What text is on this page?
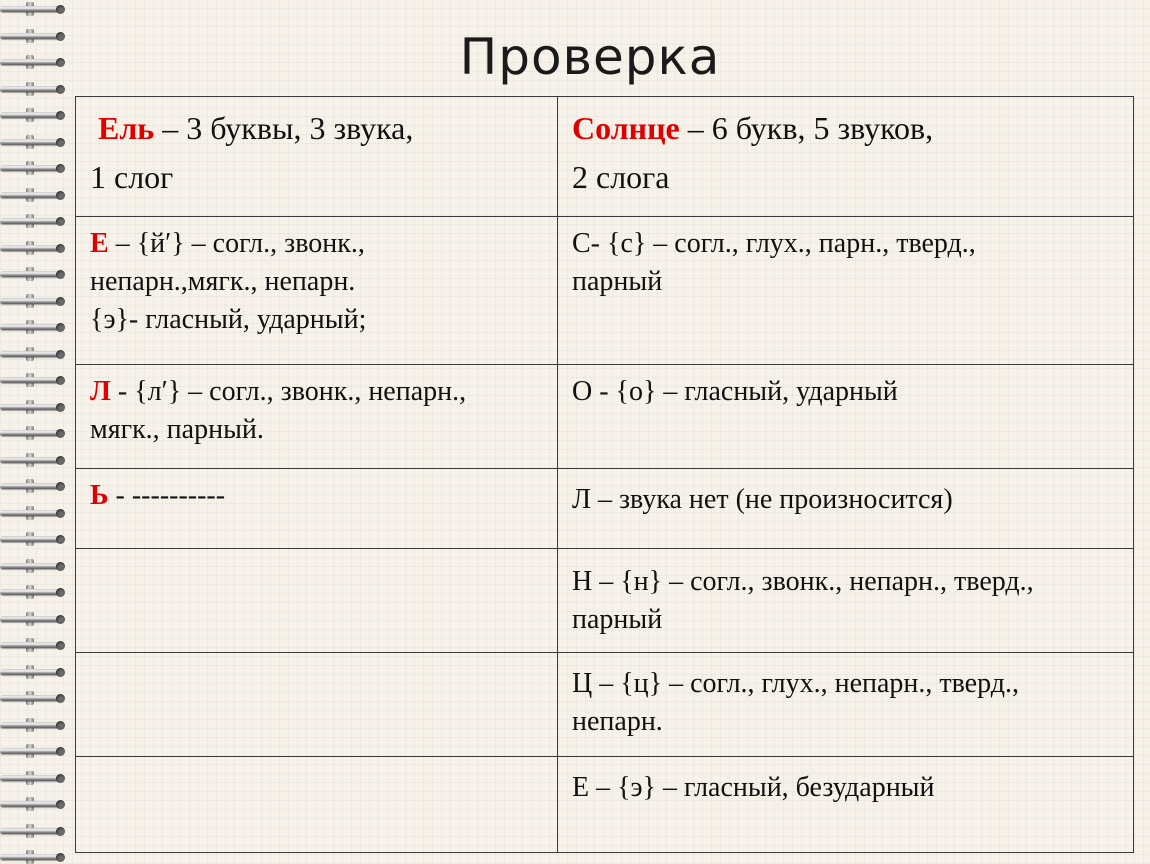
Проверка
Ель – 3 буквы, 3 звука,
1 слог	Солнце – 6 букв, 5 звуков,
2 слога

Е – {й′} – согл., звонк.,
непарн.,мягк., непарн.
{э}- гласный, ударный;	С- {с} – согл., глух., парн., тверд.,
парный

Л - {л′} – согл., звонк., непарн.,
мягк., парный.	О - {о} – гласный, ударный

Ь - ----------	Л – звука нет (не произносится)

	Н – {н} – согл., звонк., непарн., тверд.,
парный

	Ц – {ц} – согл., глух., непарн., тверд.,
непарн.

	Е – {э} – гласный, безударный
